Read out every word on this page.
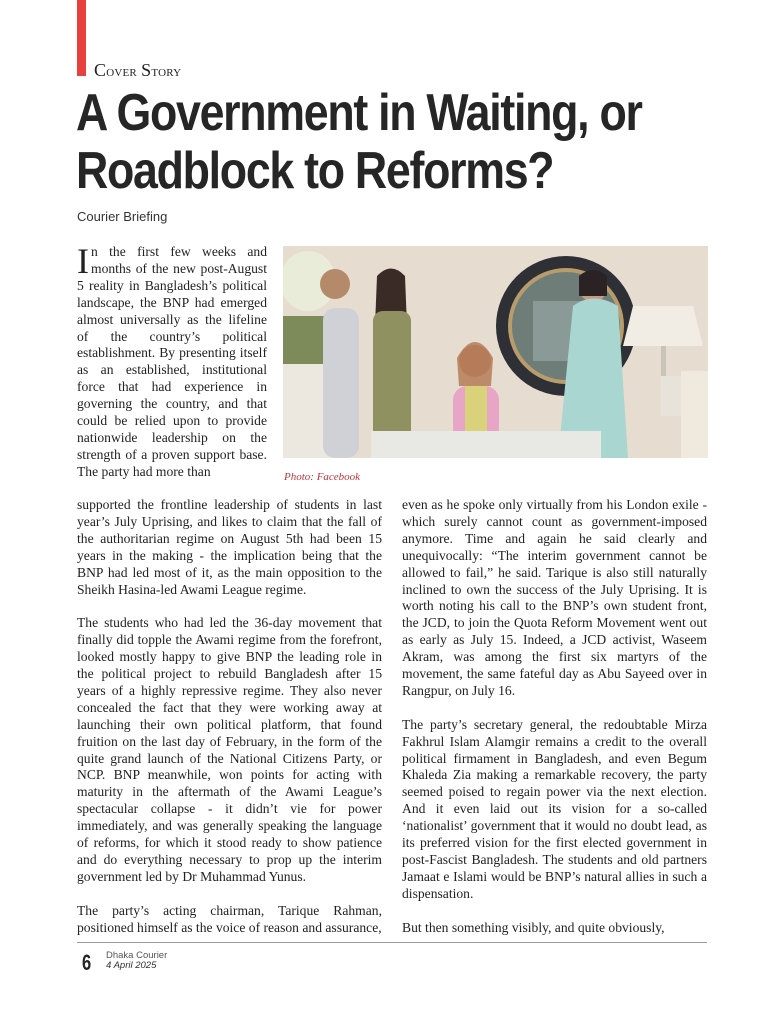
Cover Story
A Government in Waiting, or
Roadblock to Reforms?
Courier Briefing

In the first few weeks and months of the new post-August 5 reality in Bangladesh’s political landscape, the BNP had emerged almost universally as the lifeline of the country’s political establishment. By presenting itself as an established, institutional force that had experience in governing the country, and that could be relied upon to provide nationwide leadership on the strength of a proven support base. The party had more than	Photo: Facebook

supported the frontline leadership of students in last year’s July Uprising, and likes to claim that the fall of the authoritarian regime on August 5th had been 15 years in the making - the implication being that the BNP had led most of it, as the main opposition to the Sheikh Hasina-led Awami League regime.

The students who had led the 36-day movement that finally did topple the Awami regime from the forefront, looked mostly happy to give BNP the leading role in the political project to rebuild Bangladesh after 15 years of a highly repressive regime. They also never concealed the fact that they were working away at launching their own political platform, that found fruition on the last day of February, in the form of the quite grand launch of the National Citizens Party, or NCP. BNP meanwhile, won points for acting with maturity in the aftermath of the Awami League’s spectacular collapse - it didn’t vie for power immediately, and was generally speaking the language of reforms, for which it stood ready to show patience and do everything necessary to prop up the interim government led by Dr Muhammad Yunus.

The party’s acting chairman, Tarique Rahman, positioned himself as the voice of reason and assurance,

even as he spoke only virtually from his London exile - which surely cannot count as government-imposed anymore. Time and again he said clearly and unequivocally: “The interim government cannot be allowed to fail,” he said. Tarique is also still naturally inclined to own the success of the July Uprising. It is worth noting his call to the BNP’s own student front, the JCD, to join the Quota Reform Movement went out as early as July 15. Indeed, a JCD activist, Waseem Akram, was among the first six martyrs of the movement, the same fateful day as Abu Sayeed over in Rangpur, on July 16.

The party’s secretary general, the redoubtable Mirza Fakhrul Islam Alamgir remains a credit to the overall political firmament in Bangladesh, and even Begum Khaleda Zia making a remarkable recovery, the party seemed poised to regain power via the next election. And it even laid out its vision for a so-called ‘nationalist’ government that it would no doubt lead, as its preferred vision for the first elected government in post-Fascist Bangladesh. The students and old partners Jamaat e Islami would be BNP’s natural allies in such a dispensation.

But then something visibly, and quite obviously,

6 Dhaka Courier
4 April 2025
